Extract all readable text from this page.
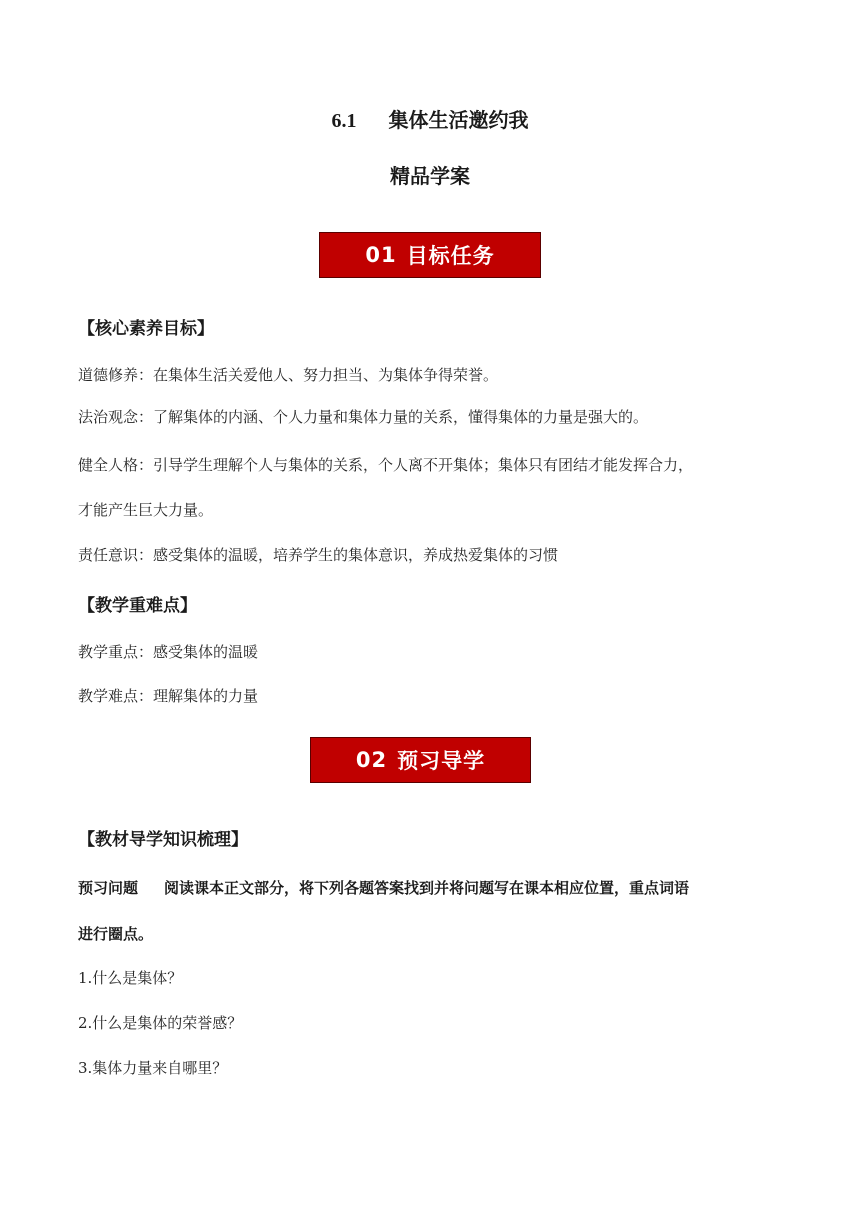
6.1 集体生活邀约我
精品学案
01 目标任务
【核心素养目标】
道德修养：在集体生活关爱他人、努力担当、为集体争得荣誉。
法治观念：了解集体的内涵、个人力量和集体力量的关系，懂得集体的力量是强大的。
健全人格：引导学生理解个人与集体的关系，个人离不开集体；集体只有团结才能发挥合力，
才能产生巨大力量。
责任意识：感受集体的温暖，培养学生的集体意识，养成热爱集体的习惯
【教学重难点】
教学重点：感受集体的温暖
教学难点：理解集体的力量
02 预习导学
【教材导学知识梳理】
预习问题 阅读课本正文部分，将下列各题答案找到并将问题写在课本相应位置，重点词语
进行圈点。
1.什么是集体？
2.什么是集体的荣誉感？
3.集体力量来自哪里？
